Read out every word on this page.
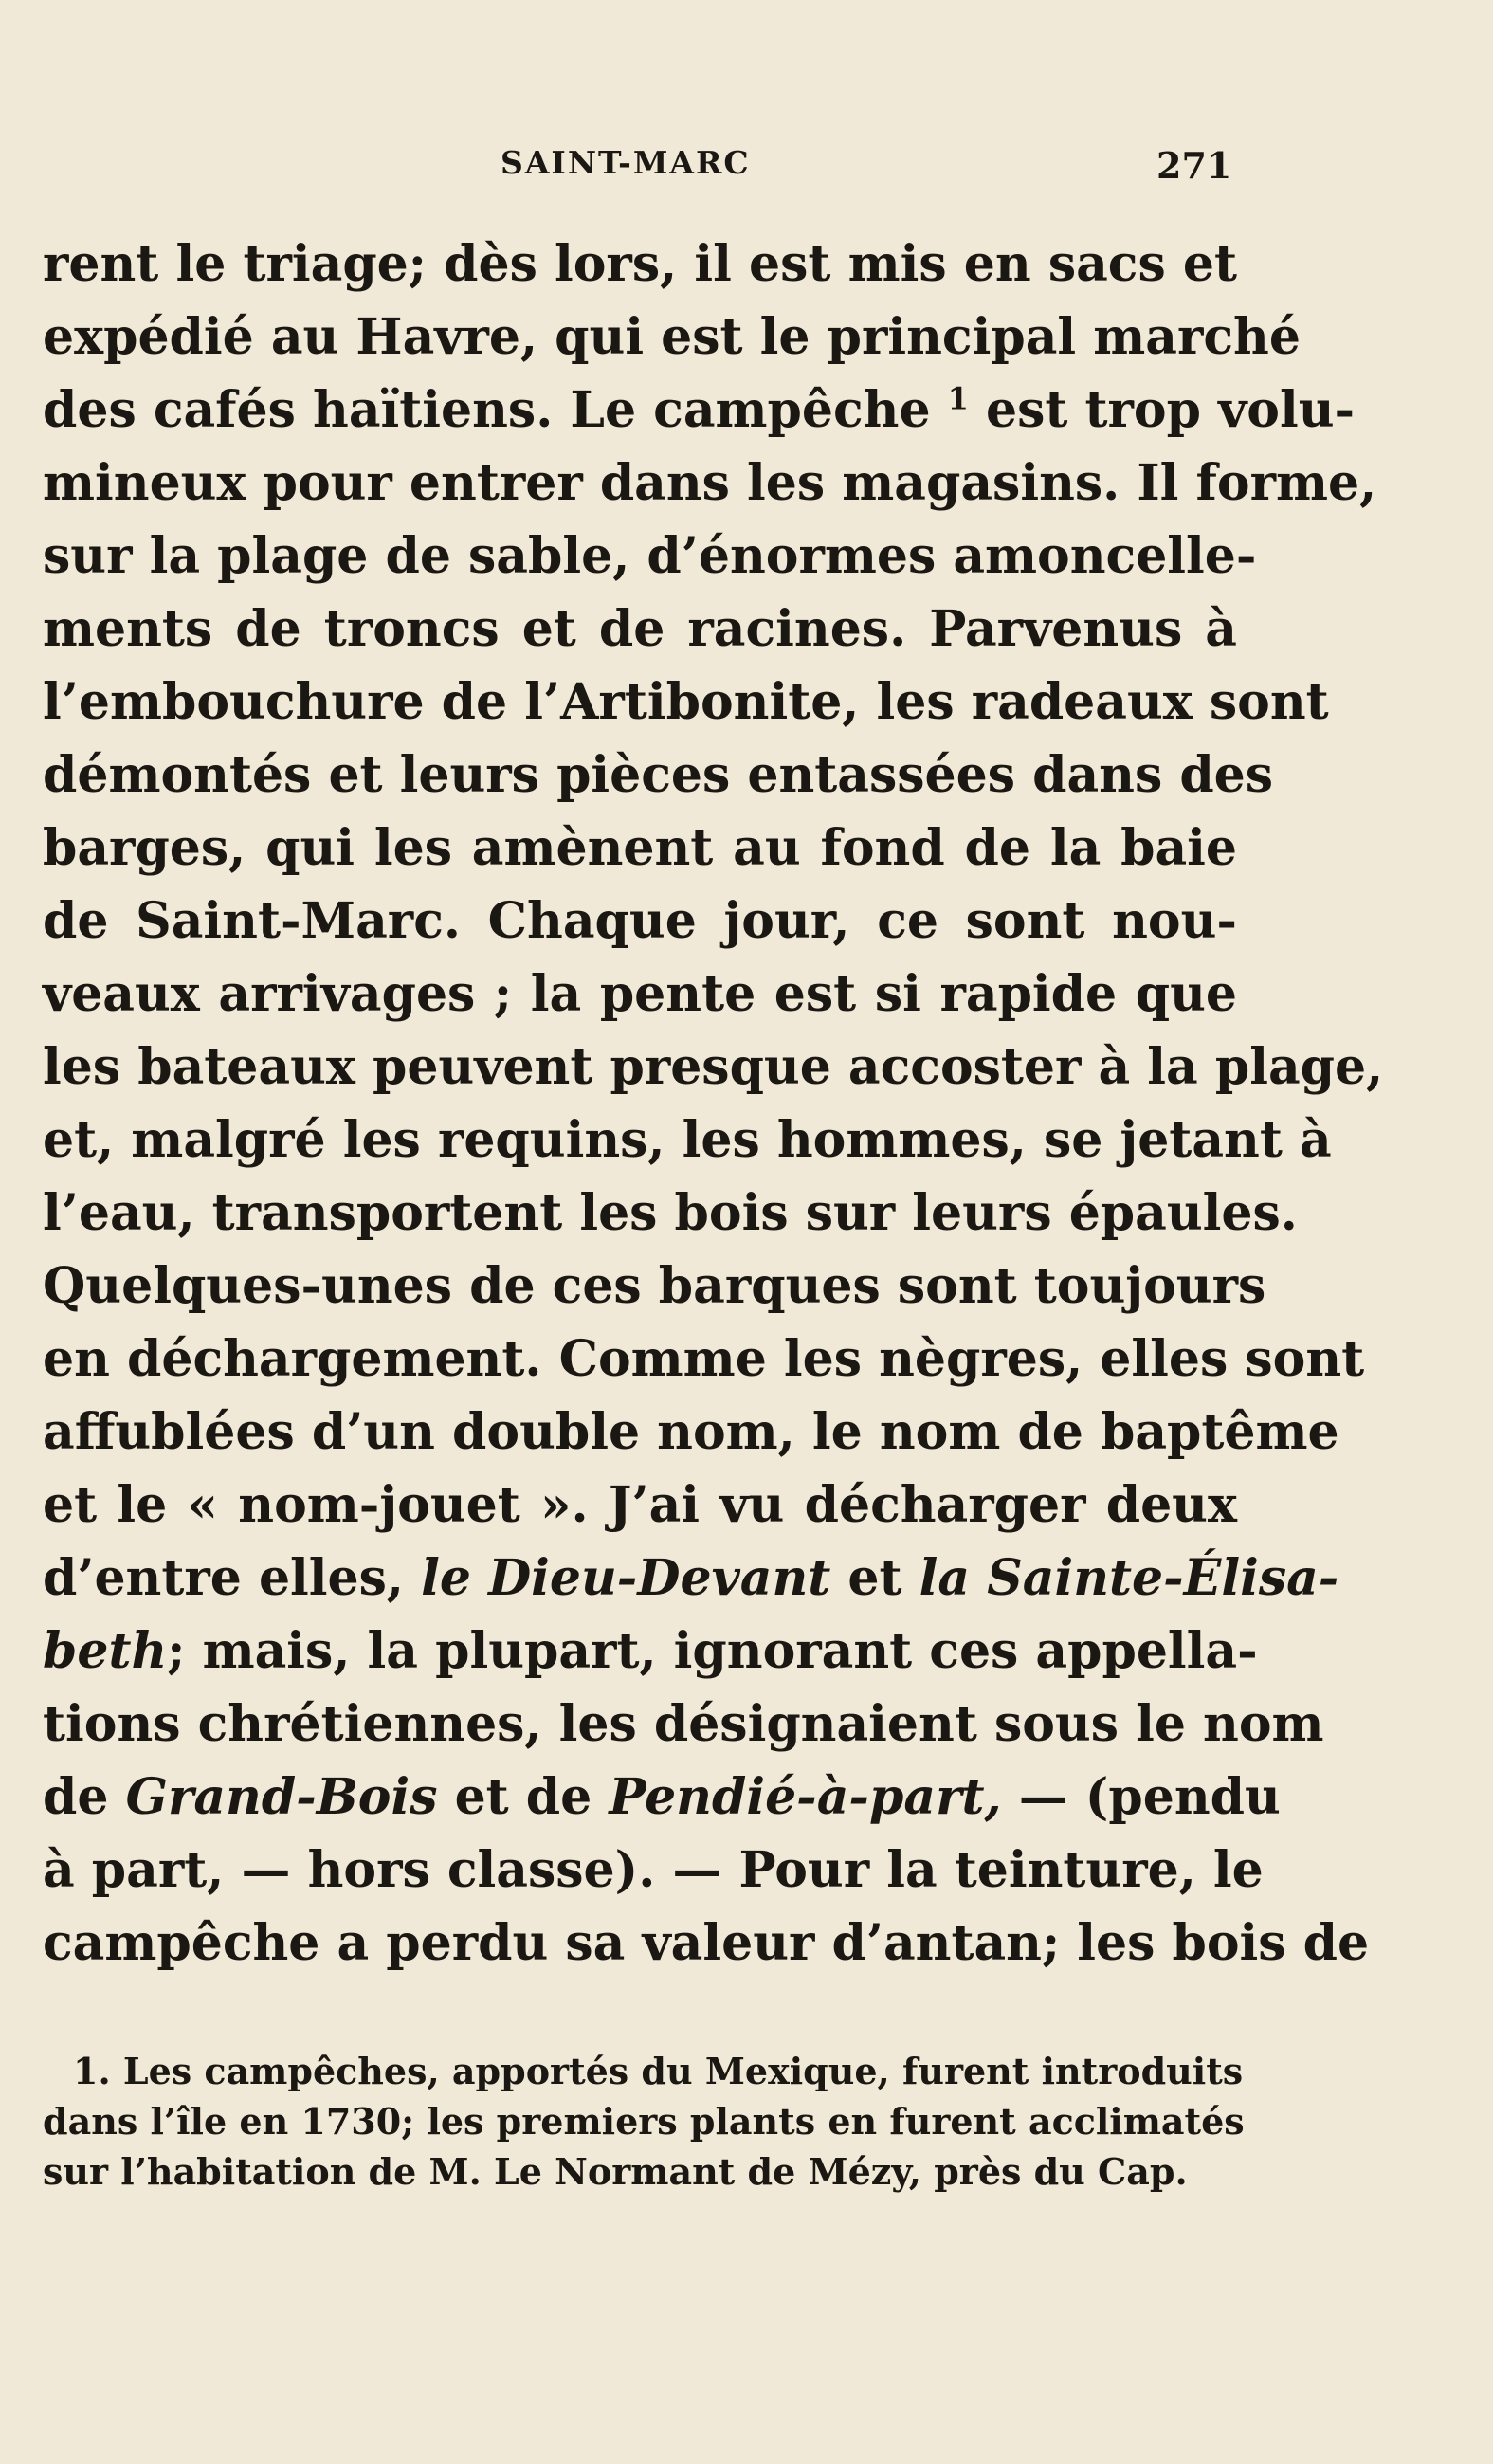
SAINT-MARC	271
rent le triage; dès lors, il est mis en sacs et
expédié au Havre, qui est le principal marché
des cafés haïtiens. Le campêche $^1$ est trop volu-
mineux pour entrer dans les magasins. Il forme,
sur la plage de sable, d’énormes amoncelle-
ments de troncs et de racines. Parvenus à
l’embouchure de l’Artibonite, les radeaux sont
démontés et leurs pièces entassées dans des
barges, qui les amènent au fond de la baie
de Saint-Marc. Chaque jour, ce sont nou-
veaux arrivages ; la pente est si rapide que
les bateaux peuvent presque accoster à la plage,
et, malgré les requins, les hommes, se jetant à
l’eau, transportent les bois sur leurs épaules.
Quelques-unes de ces barques sont toujours
en déchargement. Comme les nègres, elles sont
affublées d’un double nom, le nom de baptême
et le « nom-jouet ». J’ai vu décharger deux
d’entre elles, le Dieu-Devant et la Sainte-Élisa-
beth; mais, la plupart, ignorant ces appella-
tions chrétiennes, les désignaient sous le nom
de Grand-Bois et de Pendié-à-part, — (pendu
à part, — hors classe). — Pour la teinture, le
campêche a perdu sa valeur d’antan; les bois de
1. Les campêches, apportés du Mexique, furent introduits
dans l’île en 1730; les premiers plants en furent acclimatés
sur l’habitation de M. Le Normant de Mézy, près du Cap.
